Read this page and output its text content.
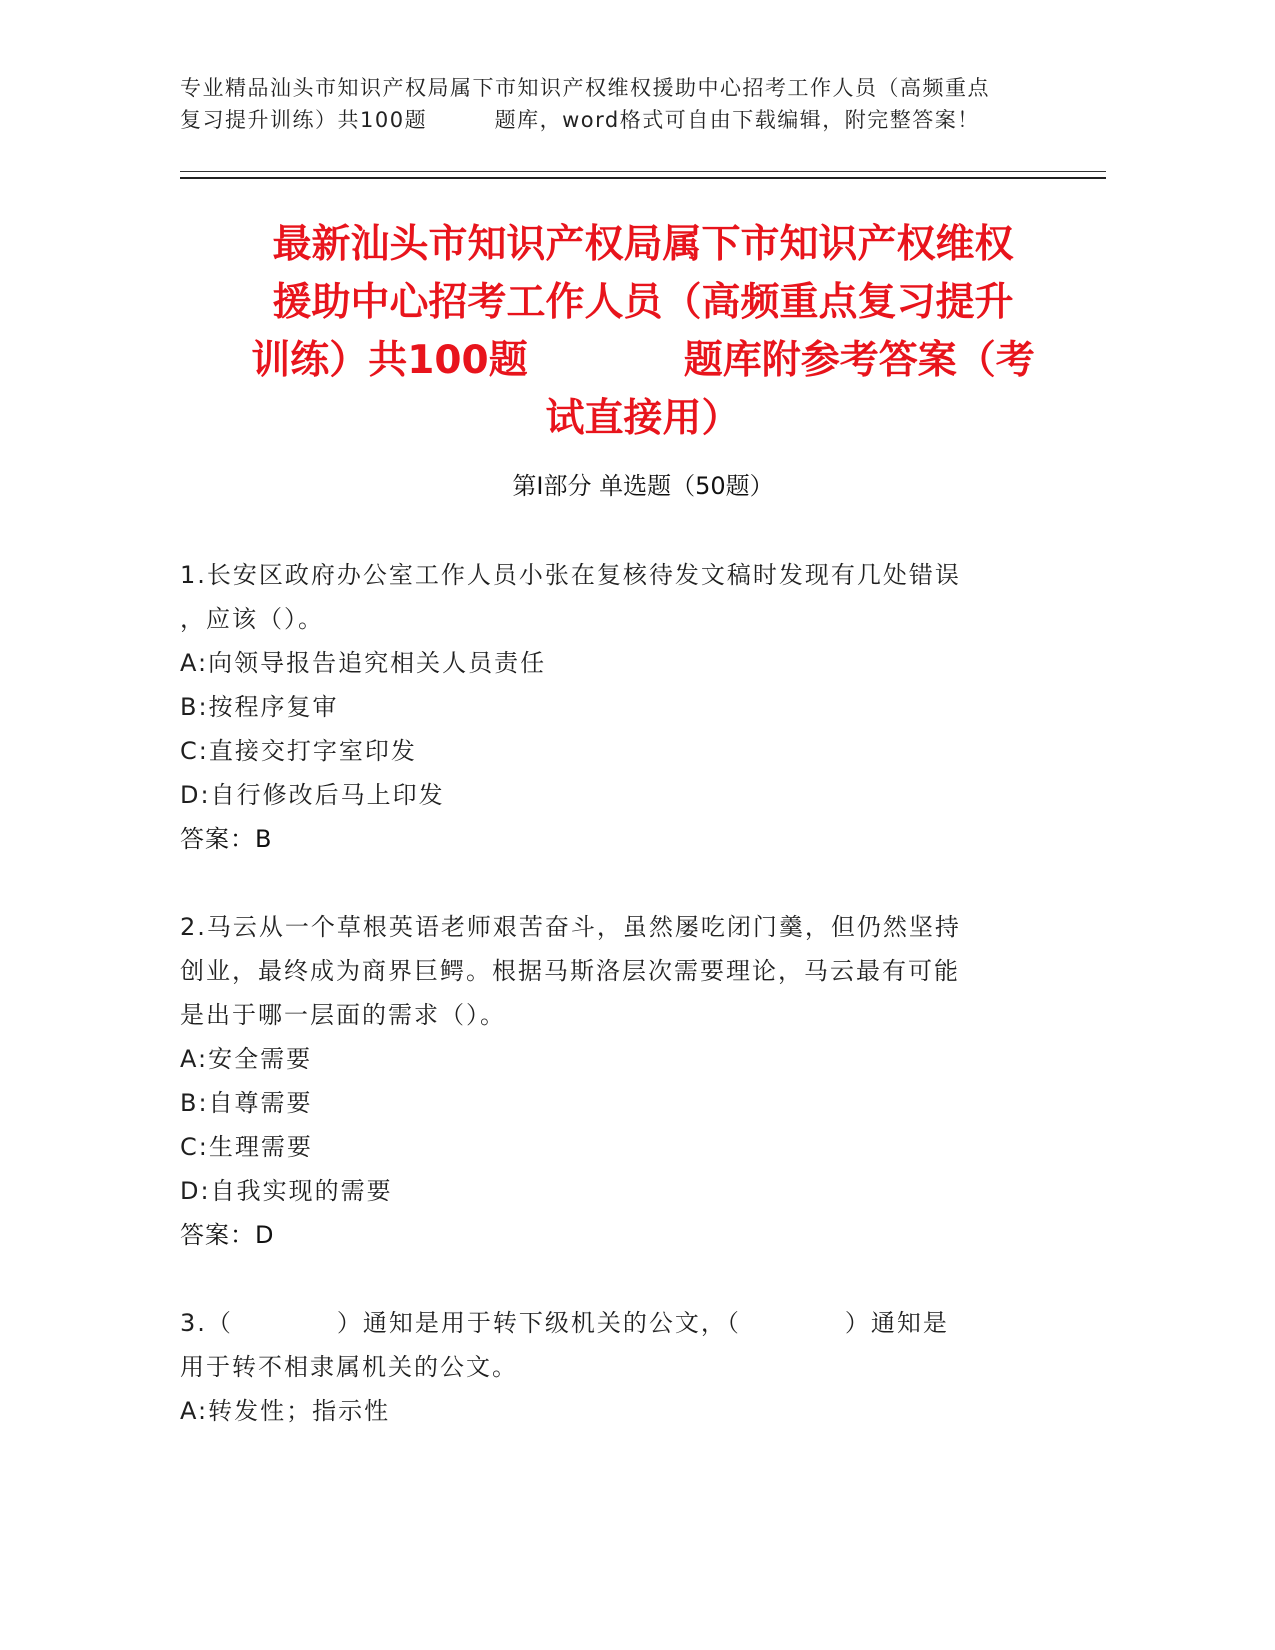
专业精品汕头市知识产权局属下市知识产权维权援助中心招考工作人员（高频重点
复习提升训练）共100题　　　题库，word格式可自由下载编辑，附完整答案！
最新汕头市知识产权局属下市知识产权维权
援助中心招考工作人员（高频重点复习提升
训练）共100题　　　　题库附参考答案（考
试直接用）
第I部分 单选题（50题）
1.长安区政府办公室工作人员小张在复核待发文稿时发现有几处错误
，应该（）。
A:向领导报告追究相关人员责任
B:按程序复审
C:直接交打字室印发
D:自行修改后马上印发
答案：B
2.马云从一个草根英语老师艰苦奋斗，虽然屡吃闭门羹，但仍然坚持
创业，最终成为商界巨鳄。根据马斯洛层次需要理论，马云最有可能
是出于哪一层面的需求（）。
A:安全需要
B:自尊需要
C:生理需要
D:自我实现的需要
答案：D
3.（　　　　）通知是用于转下级机关的公文，（　　　　）通知是
用于转不相隶属机关的公文。
A:转发性；指示性
